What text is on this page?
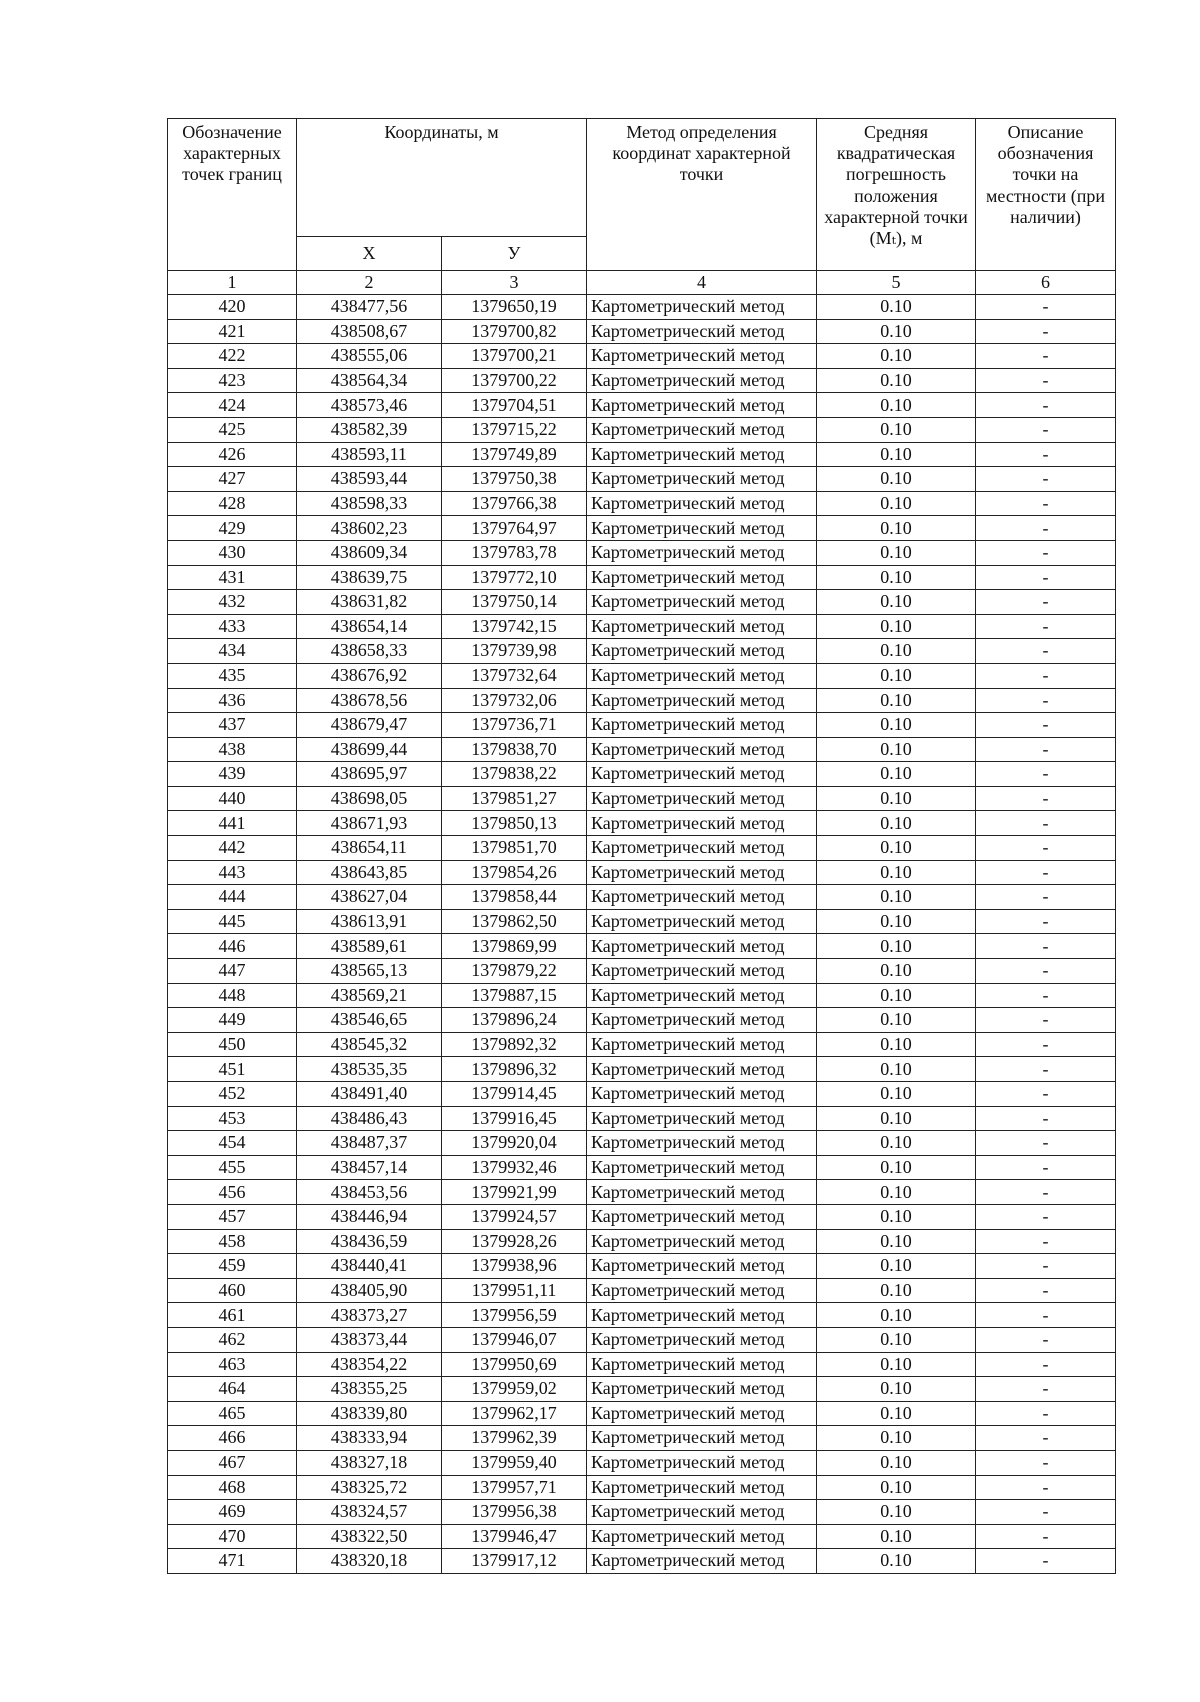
Обозначение характерных точек границ	Координаты, м		Метод определения координат характерной точки	Средняя квадратическая погрешность положения характерной точки (Mₜ), м	Описание обозначения точки на местности (при наличии)

	X	У			
1	2	3	4	5	6
420	438477,56	1379650,19	Картометрический метод	0.10	-
421	438508,67	1379700,82	Картометрический метод	0.10	-
422	438555,06	1379700,21	Картометрический метод	0.10	-
423	438564,34	1379700,22	Картометрический метод	0.10	-
424	438573,46	1379704,51	Картометрический метод	0.10	-
425	438582,39	1379715,22	Картометрический метод	0.10	-
426	438593,11	1379749,89	Картометрический метод	0.10	-
427	438593,44	1379750,38	Картометрический метод	0.10	-
428	438598,33	1379766,38	Картометрический метод	0.10	-
429	438602,23	1379764,97	Картометрический метод	0.10	-
430	438609,34	1379783,78	Картометрический метод	0.10	-
431	438639,75	1379772,10	Картометрический метод	0.10	-
432	438631,82	1379750,14	Картометрический метод	0.10	-
433	438654,14	1379742,15	Картометрический метод	0.10	-
434	438658,33	1379739,98	Картометрический метод	0.10	-
435	438676,92	1379732,64	Картометрический метод	0.10	-
436	438678,56	1379732,06	Картометрический метод	0.10	-
437	438679,47	1379736,71	Картометрический метод	0.10	-
438	438699,44	1379838,70	Картометрический метод	0.10	-
439	438695,97	1379838,22	Картометрический метод	0.10	-
440	438698,05	1379851,27	Картометрический метод	0.10	-
441	438671,93	1379850,13	Картометрический метод	0.10	-
442	438654,11	1379851,70	Картометрический метод	0.10	-
443	438643,85	1379854,26	Картометрический метод	0.10	-
444	438627,04	1379858,44	Картометрический метод	0.10	-
445	438613,91	1379862,50	Картометрический метод	0.10	-
446	438589,61	1379869,99	Картометрический метод	0.10	-
447	438565,13	1379879,22	Картометрический метод	0.10	-
448	438569,21	1379887,15	Картометрический метод	0.10	-
449	438546,65	1379896,24	Картометрический метод	0.10	-
450	438545,32	1379892,32	Картометрический метод	0.10	-
451	438535,35	1379896,32	Картометрический метод	0.10	-
452	438491,40	1379914,45	Картометрический метод	0.10	-
453	438486,43	1379916,45	Картометрический метод	0.10	-
454	438487,37	1379920,04	Картометрический метод	0.10	-
455	438457,14	1379932,46	Картометрический метод	0.10	-
456	438453,56	1379921,99	Картометрический метод	0.10	-
457	438446,94	1379924,57	Картометрический метод	0.10	-
458	438436,59	1379928,26	Картометрический метод	0.10	-
459	438440,41	1379938,96	Картометрический метод	0.10	-
460	438405,90	1379951,11	Картометрический метод	0.10	-
461	438373,27	1379956,59	Картометрический метод	0.10	-
462	438373,44	1379946,07	Картометрический метод	0.10	-
463	438354,22	1379950,69	Картометрический метод	0.10	-
464	438355,25	1379959,02	Картометрический метод	0.10	-
465	438339,80	1379962,17	Картометрический метод	0.10	-
466	438333,94	1379962,39	Картометрический метод	0.10	-
467	438327,18	1379959,40	Картометрический метод	0.10	-
468	438325,72	1379957,71	Картометрический метод	0.10	-
469	438324,57	1379956,38	Картометрический метод	0.10	-
470	438322,50	1379946,47	Картометрический метод	0.10	-
471	438320,18	1379917,12	Картометрический метод	0.10	-
